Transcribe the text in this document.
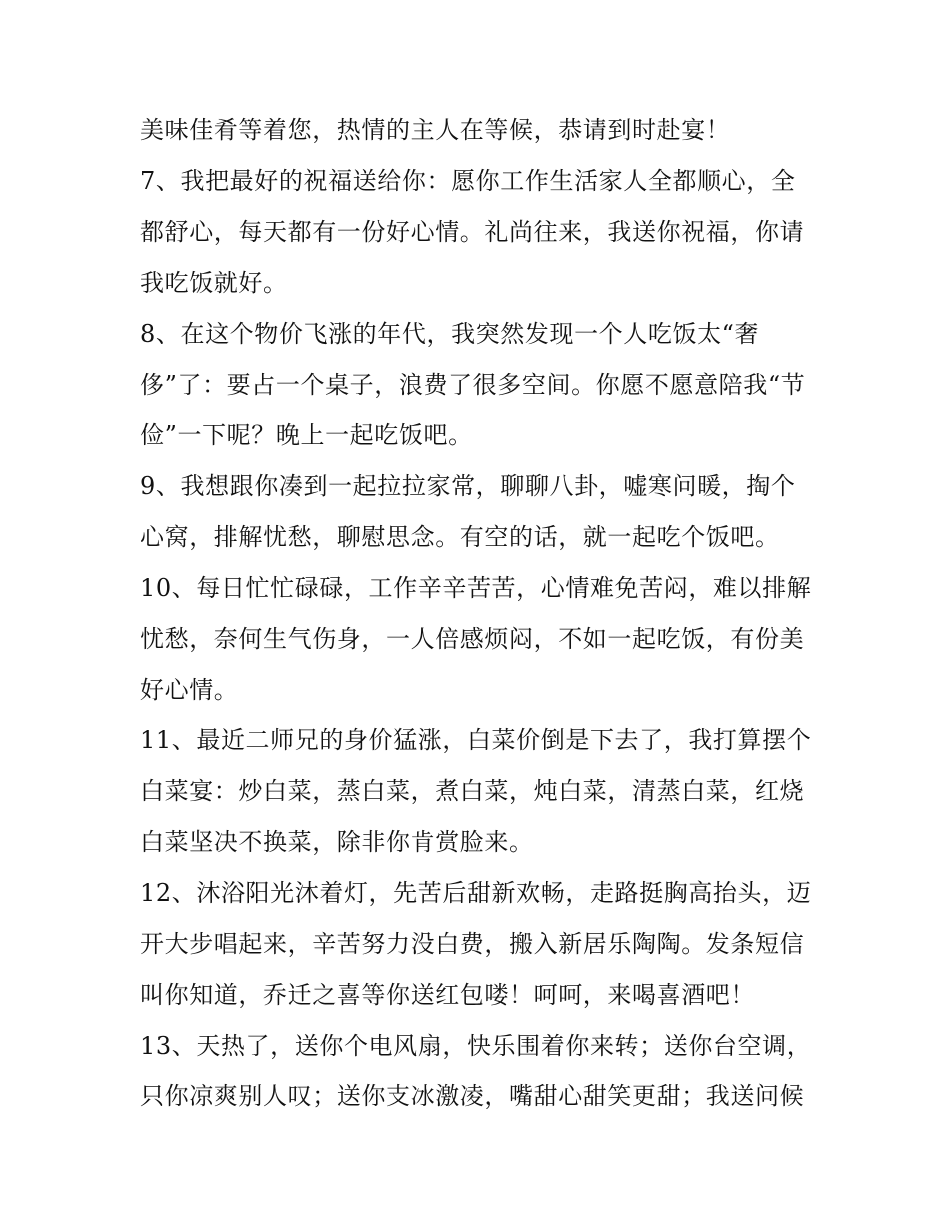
美味佳肴等着您，热情的主人在等候，恭请到时赴宴！
7、我把最好的祝福送给你：愿你工作生活家人全都顺心，全
都舒心，每天都有一份好心情。礼尚往来，我送你祝福，你请
我吃饭就好。
8、在这个物价飞涨的年代，我突然发现一个人吃饭太“奢
侈”了：要占一个桌子，浪费了很多空间。你愿不愿意陪我“节
俭”一下呢？晚上一起吃饭吧。
9、我想跟你凑到一起拉拉家常，聊聊八卦，嘘寒问暖，掏个
心窝，排解忧愁，聊慰思念。有空的话，就一起吃个饭吧。
10、每日忙忙碌碌，工作辛辛苦苦，心情难免苦闷，难以排解
忧愁，奈何生气伤身，一人倍感烦闷，不如一起吃饭，有份美
好心情。
11、最近二师兄的身价猛涨，白菜价倒是下去了，我打算摆个
白菜宴：炒白菜，蒸白菜，煮白菜，炖白菜，清蒸白菜，红烧
白菜坚决不换菜，除非你肯赏脸来。
12、沐浴阳光沐着灯，先苦后甜新欢畅，走路挺胸高抬头，迈
开大步唱起来，辛苦努力没白费，搬入新居乐陶陶。发条短信
叫你知道，乔迁之喜等你送红包喽！呵呵，来喝喜酒吧！
13、天热了，送你个电风扇，快乐围着你来转；送你台空调，
只你凉爽别人叹；送你支冰激凌，嘴甜心甜笑更甜；我送问候
